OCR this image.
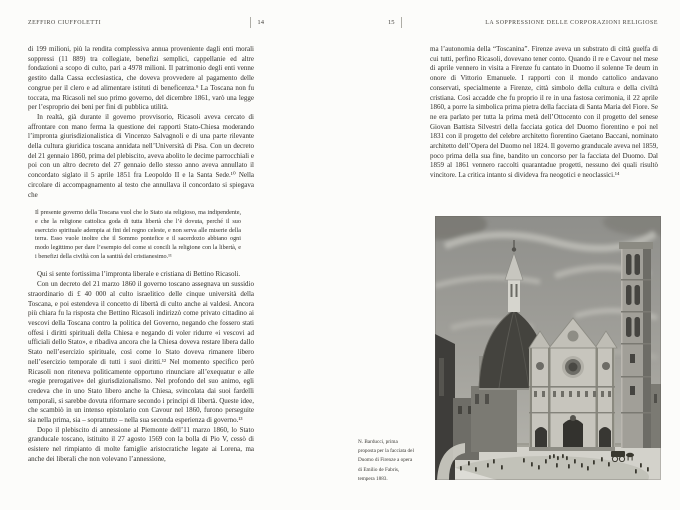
ZEFFIRO CIUFFOLETTI	14

di 199 milioni, più la rendita complessiva annua proveniente dagli enti morali soppressi (11 889) tra collegiate, benefizi semplici, cappellanie ed altre fondazioni a scopo di culto, pari a 4978 milioni. Il patrimonio degli enti venne gestito dalla Cassa ecclesiastica, che doveva provvedere al pagamento delle congrue per il clero e ad alimentare istituti di beneficenza.⁹ La Toscana non fu toccata, ma Ricasoli nel suo primo governo, del dicembre 1861, varò una legge per l’esproprio dei beni per fini di pubblica utilità.

In realtà, già durante il governo provvisorio, Ricasoli aveva cercato di affrontare con mano ferma la questione dei rapporti Stato-Chiesa moderando l’impronta giurisdizionalistica di Vincenzo Salvagnoli e di una parte rilevante della cultura giuridica toscana annidata nell’Università di Pisa. Con un decreto del 21 gennaio 1860, prima del plebiscito, aveva abolito le decime parrocchiali e poi con un altro decreto del 27 gennaio dello stesso anno aveva annullato il concordato siglato il 5 aprile 1851 fra Leopoldo II e la Santa Sede.¹⁰ Nella circolare di accompagnamento al testo che annullava il concordato si spiegava che

Il presente governo della Toscana vuol che lo Stato sia religioso, ma indipendente, e che la religione cattolica goda di tutta libertà che l’è dovuta, perché il suo esercizio spirituale adempia ai fini del regno celeste, e non serva alle miserie della terra. Esso vuole inoltre che il Sommo pontefice e il sacerdozio abbiano ogni modo legittimo per dare l’esempio del come si concili la religione con la libertà, e i benefizi della civiltà con la santità del cristianesimo.¹¹

Qui si sente fortissima l’impronta liberale e cristiana di Bettino Ricasoli.

Con un decreto del 21 marzo 1860 il governo toscano assegnava un sussidio straordinario di £ 40 000 al culto israelitico delle cinque università della Toscana, e poi estendeva il concetto di libertà di culto anche ai valdesi. Ancora più chiara fu la risposta che Bettino Ricasoli indirizzò come privato cittadino ai vescovi della Toscana contro la politica del Governo, negando che fossero stati offesi i diritti spirituali della Chiesa e negando di voler ridurre «i vescovi ad ufficiali dello Stato», e ribadiva ancora che la Chiesa doveva restare libera dallo Stato nell’esercizio spirituale, così come lo Stato doveva rimanere libero nell’esercizio temporale di tutti i suoi diritti.¹² Nel momento specifico però Ricasoli non riteneva politicamente opportuno rinunciare all’exequatur e alle «regie prerogative» del giurisdizionalismo. Nel profondo del suo animo, egli credeva che in uno Stato libero anche la Chiesa, svincolata dai suoi fardelli temporali, si sarebbe dovuta riformare secondo i principi di libertà. Queste idee, che scambiò in un intenso epistolario con Cavour nel 1860, furono perseguite sia nella prima, sia – soprattutto – nella sua seconda esperienza di governo.¹³

Dopo il plebiscito di annessione al Piemonte dell’11 marzo 1860, lo Stato granducale toscano, istituito il 27 agosto 1569 con la bolla di Pio V, cessò di esistere nel rimpianto di molte famiglie aristocratiche legate ai Lorena, ma anche dei liberali che non volevano l’annessione,

15	LA SOPPRESSIONE DELLE CORPORAZIONI RELIGIOSE

ma l’autonomia della “Toscanina”. Firenze aveva un substrato di città guelfa di cui tutti, perfino Ricasoli, dovevano tener conto. Quando il re e Cavour nel mese di aprile vennero in visita a Firenze fu cantato in Duomo il solenne Te deum in onore di Vittorio Emanuele. I rapporti con il mondo cattolico andavano conservati, specialmente a Firenze, città simbolo della cultura e della civiltà cristiana. Così accadde che fu proprio il re in una fastosa cerimonia, il 22 aprile 1860, a porre la simbolica prima pietra della facciata di Santa Maria del Fiore. Se ne era parlato per tutta la prima metà dell’Ottocento con il progetto del senese Giovan Battista Silvestri della facciata gotica del Duomo fiorentino e poi nel 1831 con il progetto del celebre architetto fiorentino Gaetano Baccani, nominato architetto dell’Opera del Duomo nel 1824. Il governo granducale aveva nel 1859, poco prima della sua fine, bandito un concorso per la facciata del Duomo. Dal 1859 al 1861 vennero raccolti quarantadue progetti, nessuno dei quali risultò vincitore. La critica intanto si divideva fra neogotici e neoclassici.¹⁴

N. Barducci, prima proposta per la facciata del Duomo di Firenze a opera di Emilio de Fabris, tempera 1883.
